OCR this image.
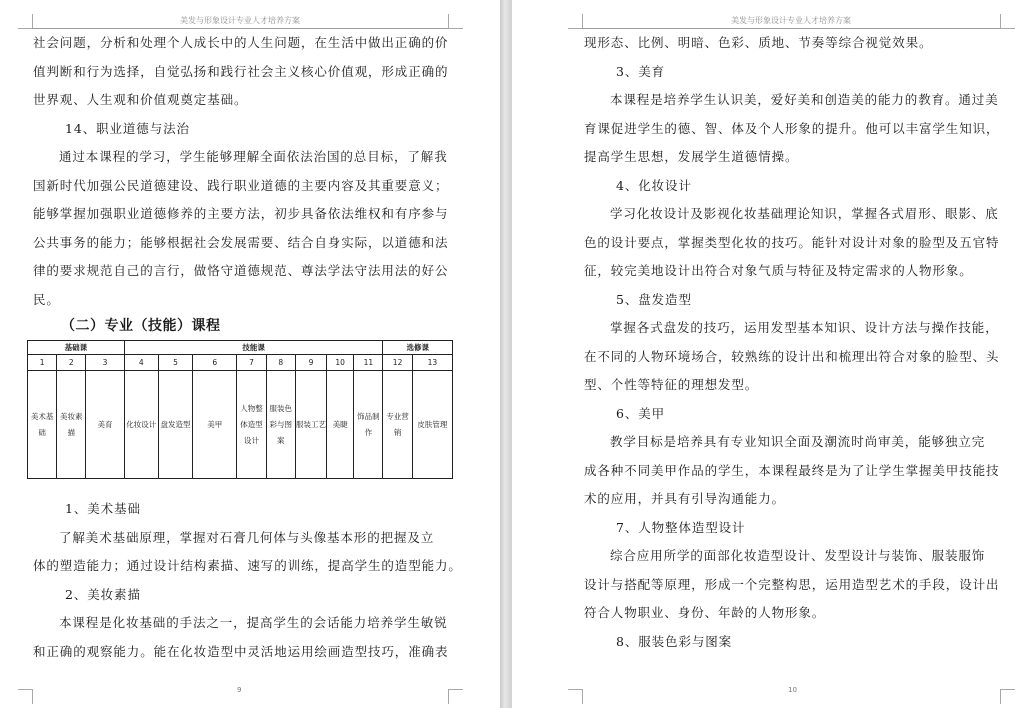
美发与形象设计专业人才培养方案
社会问题，分析和处理个人成长中的人生问题，在生活中做出正确的价
值判断和行为选择，自觉弘扬和践行社会主义核心价值观，形成正确的
世界观、人生观和价值观奠定基础。
14、职业道德与法治
通过本课程的学习，学生能够理解全面依法治国的总目标，了解我
国新时代加强公民道德建设、践行职业道德的主要内容及其重要意义；
能够掌握加强职业道德修养的主要方法，初步具备依法维权和有序参与
公共事务的能力；能够根据社会发展需要、结合自身实际，以道德和法
律的要求规范自己的言行，做恪守道德规范、尊法学法守法用法的好公
民。
（二）专业（技能）课程
基础课			技能课								选修课	
1	2	3	4	5	6	7	8	9	10	11	12	13
美术基础	美妆素描	美育	化妆设计	盘发造型	美甲	人物整体造型设计	服装色彩与图案	服装工艺	美睫	饰品制作	专业营销	皮肤管理
1、美术基础
了解美术基础原理，掌握对石膏几何体与头像基本形的把握及立
体的塑造能力；通过设计结构素描、速写的训练，提高学生的造型能力。
2、美妆素描
本课程是化妆基础的手法之一，提高学生的会话能力培养学生敏锐
和正确的观察能力。能在化妆造型中灵活地运用绘画造型技巧，准确表
9
美发与形象设计专业人才培养方案
现形态、比例、明暗、色彩、质地、节奏等综合视觉效果。
3、美育
本课程是培养学生认识美，爱好美和创造美的能力的教育。通过美
育课促进学生的德、智、体及个人形象的提升。他可以丰富学生知识，
提高学生思想，发展学生道德情操。
4、化妆设计
学习化妆设计及影视化妆基础理论知识，掌握各式眉形、眼影、底
色的设计要点，掌握类型化妆的技巧。能针对设计对象的脸型及五官特
征，较完美地设计出符合对象气质与特征及特定需求的人物形象。
5、盘发造型
掌握各式盘发的技巧，运用发型基本知识、设计方法与操作技能，
在不同的人物环境场合，较熟练的设计出和梳理出符合对象的脸型、头
型、个性等特征的理想发型。
6、美甲
教学目标是培养具有专业知识全面及潮流时尚审美，能够独立完
成各种不同美甲作品的学生，本课程最终是为了让学生掌握美甲技能技
术的应用，并具有引导沟通能力。
7、人物整体造型设计
综合应用所学的面部化妆造型设计、发型设计与装饰、服装服饰
设计与搭配等原理，形成一个完整构思，运用造型艺术的手段，设计出
符合人物职业、身份、年龄的人物形象。
8、服装色彩与图案
10
